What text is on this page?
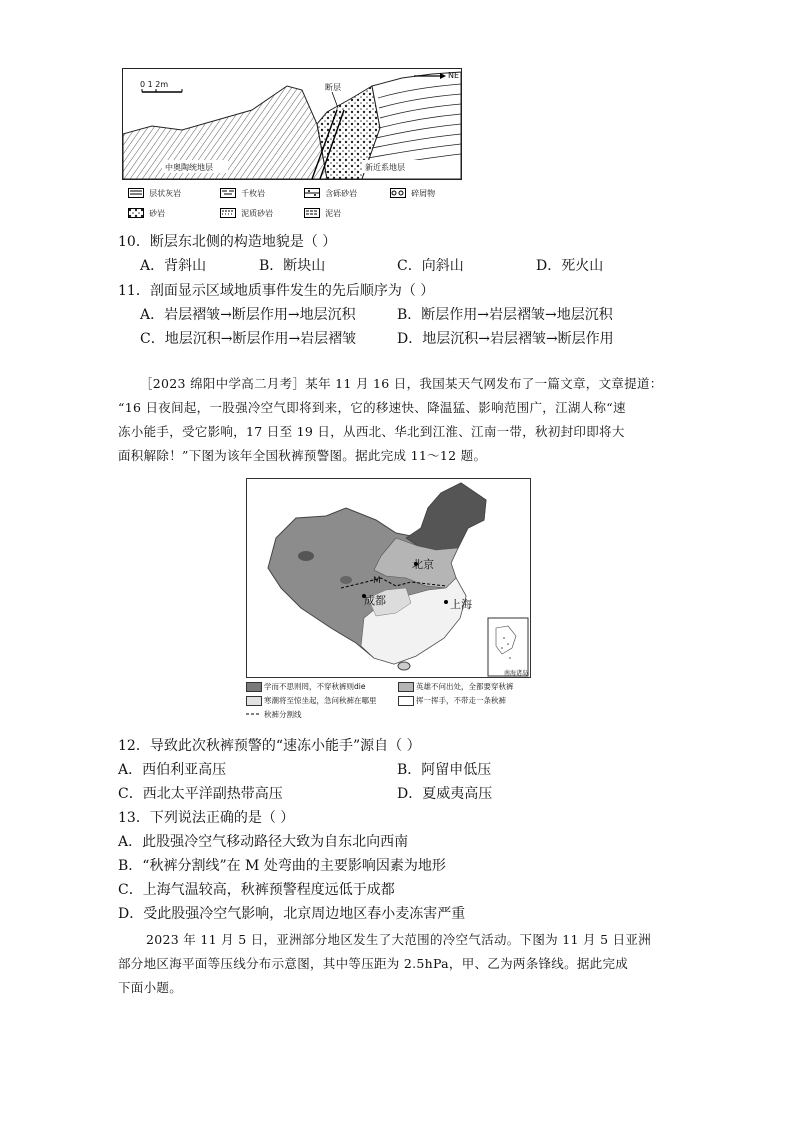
0 1 2m
NE
断层
中奥陶统地层	新近系地层
层状灰岩	千枚岩	含砾砂岩	碎屑物
砂岩	泥质砂岩	泥岩
10．断层东北侧的构造地貌是（ ）
A．背斜山	B．断块山	C．向斜山	D．死火山
11．剖面显示区域地质事件发生的先后顺序为（ ）
A．岩层褶皱→断层作用→地层沉积	B．断层作用→岩层褶皱→地层沉积
C．地层沉积→断层作用→岩层褶皱	D．地层沉积→岩层褶皱→断层作用
［2023 绵阳中学高二月考］某年 11 月 16 日，我国某天气网发布了一篇文章，文章提道：
“16 日夜间起，一股强冷空气即将到来，它的移速快、降温猛、影响范围广，江湖人称“速
冻小能手，受它影响，17 日至 19 日，从西北、华北到江淮、江南一带，秋初封印即将大
面积解除！”下图为该年全国秋裤预警图。据此完成 11～12 题。
北京
成都	上海
M
南海诸岛
学而不思则罔，不穿秋裤则die	英雄不问出处，全都要穿秋裤
寒潮将至惊坐起，急问秋裤在哪里	挥一挥手，不带走一条秋裤
秋裤分割线
12．导致此次秋裤预警的“速冻小能手”源自（ ）
A．西伯利亚高压	B．阿留申低压
C．西北太平洋副热带高压	D．夏威夷高压
13．下列说法正确的是（ ）
A．此股强冷空气移动路径大致为自东北向西南
B．“秋裤分割线”在 M 处弯曲的主要影响因素为地形
C．上海气温较高，秋裤预警程度远低于成都
D．受此股强冷空气影响，北京周边地区春小麦冻害严重
2023 年 11 月 5 日，亚洲部分地区发生了大范围的冷空气活动。下图为 11 月 5 日亚洲
部分地区海平面等压线分布示意图，其中等压距为 2.5hPa，甲、乙为两条锋线。据此完成
下面小题。
